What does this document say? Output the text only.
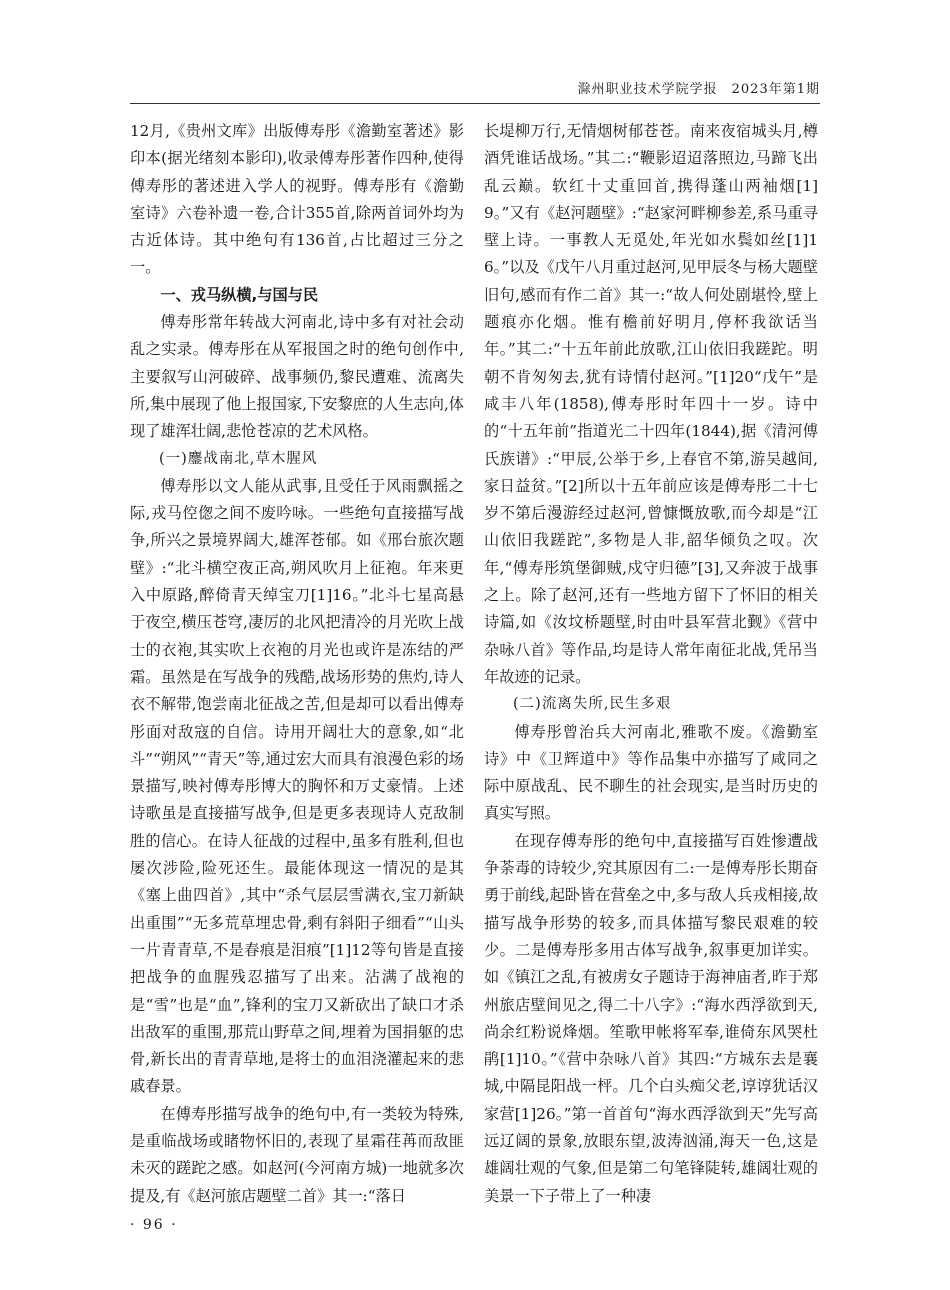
滁州职业技术学院学报　2023年第1期

12月,《贵州文库》出版傅寿彤《澹勤室著述》影印本(据光绪刻本影印),收录傅寿彤著作四种,使得傅寿彤的著述进入学人的视野。傅寿彤有《澹勤室诗》六卷补遗一卷,合计355首,除两首词外均为古近体诗。其中绝句有136首,占比超过三分之一。

一、戎马纵横,与国与民

傅寿彤常年转战大河南北,诗中多有对社会动乱之实录。傅寿彤在从军报国之时的绝句创作中,主要叙写山河破碎、战事频仍,黎民遭难、流离失所,集中展现了他上报国家,下安黎庶的人生志向,体现了雄浑壮阔,悲怆苍凉的艺术风格。

(一)鏖战南北,草木腥风

傅寿彤以文人能从武事,且受任于风雨飘摇之际,戎马倥偬之间不废吟咏。一些绝句直接描写战争,所兴之景境界阔大,雄浑苍郁。如《邢台旅次题壁》:“北斗横空夜正高,朔风吹月上征袍。年来更入中原路,醉倚青天绰宝刀[1]16。”北斗七星高悬于夜空,横压苍穹,凄厉的北风把清冷的月光吹上战士的衣袍,其实吹上衣袍的月光也或许是冻结的严霜。虽然是在写战争的残酷,战场形势的焦灼,诗人衣不解带,饱尝南北征战之苦,但是却可以看出傅寿彤面对敌寇的自信。诗用开阔壮大的意象,如“北斗”“朔风”“青天”等,通过宏大而具有浪漫色彩的场景描写,映衬傅寿彤博大的胸怀和万丈豪情。上述诗歌虽是直接描写战争,但是更多表现诗人克敌制胜的信心。在诗人征战的过程中,虽多有胜利,但也屡次涉险,险死还生。最能体现这一情况的是其《塞上曲四首》,其中“杀气层层雪满衣,宝刀新缺出重围”“无多荒草埋忠骨,剩有斜阳子细看”“山头一片青青草,不是春痕是泪痕”[1]12等句皆是直接把战争的血腥残忍描写了出来。沾满了战袍的是“雪”也是“血”,锋利的宝刀又新砍出了缺口才杀出敌军的重围,那荒山野草之间,埋着为国捐躯的忠骨,新长出的青青草地,是将士的血泪浇灌起来的悲戚春景。

在傅寿彤描写战争的绝句中,有一类较为特殊,是重临战场或睹物怀旧的,表现了星霜荏苒而敌匪未灭的蹉跎之感。如赵河(今河南方城)一地就多次提及,有《赵河旅店题壁二首》其一:“落日

长堤柳万行,无情烟树郁苍苍。南来夜宿城头月,樽酒凭谁话战场。”其二:“鞭影迢迢落照边,马蹄飞出乱云巅。软红十丈重回首,携得蓬山两袖烟[1]9。”又有《赵河题壁》:“赵家河畔柳参差,系马重寻壁上诗。一事教人无觅处,年光如水鬓如丝[1]16。”以及《戊午八月重过赵河,见甲辰冬与杨大题壁旧句,感而有作二首》其一:“故人何处剧堪怜,壁上题痕亦化烟。惟有檐前好明月,停杯我欲话当年。”其二:“十五年前此放歌,江山依旧我蹉跎。明朝不肯匆匆去,犹有诗情付赵河。”[1]20“戊午”是咸丰八年(1858),傅寿彤时年四十一岁。诗中的“十五年前”指道光二十四年(1844),据《清河傅氏族谱》:“甲辰,公举于乡,上春官不第,游吴越间,家日益贫。”[2]所以十五年前应该是傅寿彤二十七岁不第后漫游经过赵河,曾慷慨放歌,而今却是“江山依旧我蹉跎”,多物是人非,韶华倾负之叹。次年,“傅寿彤筑堡御贼,戍守归德”[3],又奔波于战事之上。除了赵河,还有一些地方留下了怀旧的相关诗篇,如《汝坟桥题壁,时由叶县军营北觐》《营中杂咏八首》等作品,均是诗人常年南征北战,凭吊当年故迹的记录。

(二)流离失所,民生多艰

傅寿彤曾治兵大河南北,雅歌不废。《澹勤室诗》中《卫辉道中》等作品集中亦描写了咸同之际中原战乱、民不聊生的社会现实,是当时历史的真实写照。

在现存傅寿彤的绝句中,直接描写百姓惨遭战争荼毒的诗较少,究其原因有二:一是傅寿彤长期奋勇于前线,起卧皆在营垒之中,多与敌人兵戎相接,故描写战争形势的较多,而具体描写黎民艰难的较少。二是傅寿彤多用古体写战争,叙事更加详实。如《镇江之乱,有被虏女子题诗于海神庙者,昨于郑州旅店壁间见之,得二十八字》:“海水西浮欲到天,尚余红粉说烽烟。笙歌甲帐将军奉,谁倚东风哭杜鹃[1]10。”《营中杂咏八首》其四:“方城东去是襄城,中隔昆阳战一枰。几个白头痴父老,谆谆犹话汉家营[1]26。”第一首首句“海水西浮欲到天”先写高远辽阔的景象,放眼东望,波涛汹涌,海天一色,这是雄阔壮观的气象,但是第二句笔锋陡转,雄阔壮观的美景一下子带上了一种凄

· 96 ·
